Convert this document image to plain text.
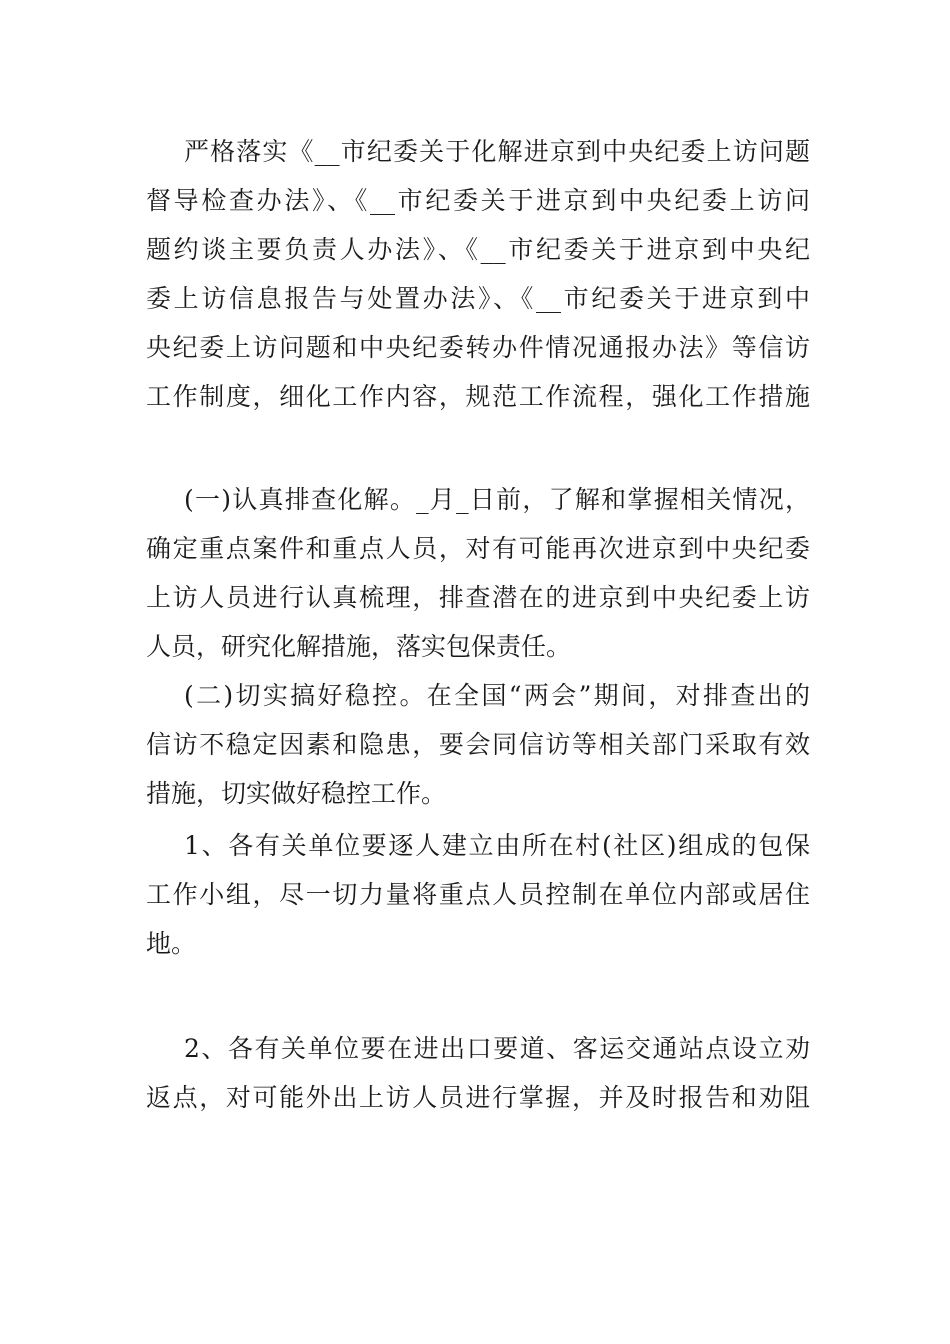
严格落实《__市纪委关于化解进京到中央纪委上访问题
督导检查办法》、《__市纪委关于进京到中央纪委上访问
题约谈主要负责人办法》、《__市纪委关于进京到中央纪
委上访信息报告与处置办法》、《__市纪委关于进京到中
央纪委上访问题和中央纪委转办件情况通报办法》等信访
工作制度，细化工作内容，规范工作流程，强化工作措施
(一)认真排查化解。_月_日前，了解和掌握相关情况，
确定重点案件和重点人员，对有可能再次进京到中央纪委
上访人员进行认真梳理，排查潜在的进京到中央纪委上访
人员，研究化解措施，落实包保责任。
(二)切实搞好稳控。在全国“两会”期间，对排查出的
信访不稳定因素和隐患，要会同信访等相关部门采取有效
措施，切实做好稳控工作。
1、各有关单位要逐人建立由所在村(社区)组成的包保
工作小组，尽一切力量将重点人员控制在单位内部或居住
地。
2、各有关单位要在进出口要道、客运交通站点设立劝
返点，对可能外出上访人员进行掌握，并及时报告和劝阻
